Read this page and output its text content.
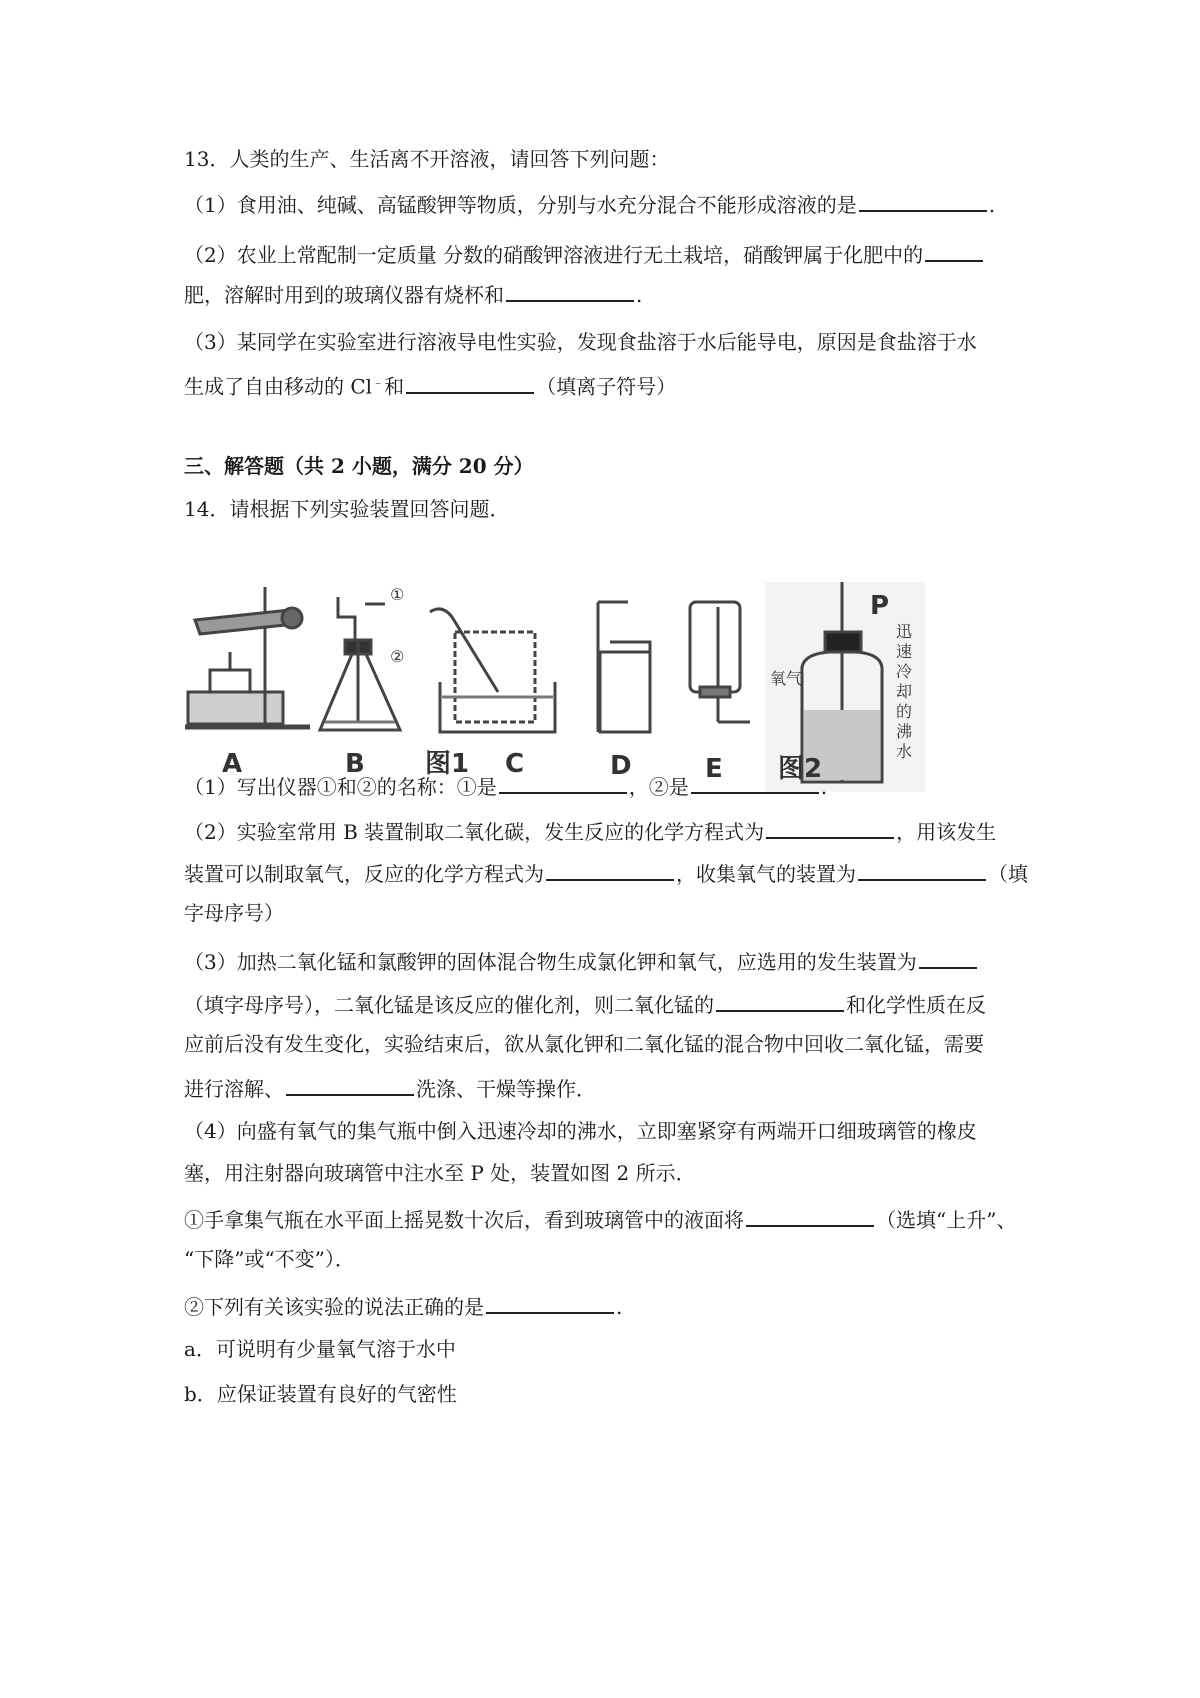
13．人类的生产、生活离不开溶液，请回答下列问题：
（1）食用油、纯碱、高锰酸钾等物质，分别与水充分混合不能形成溶液的是	.
（2）农业上常配制一定质量 分数的硝酸钾溶液进行无土栽培，硝酸钾属于化肥中的
肥，溶解时用到的玻璃仪器有烧杯和	.
（3）某同学在实验室进行溶液导电性实验，发现食盐溶于水后能导电，原因是食盐溶于水
生成了自由移动的 Cl﹣和	（填离子符号）
三、解答题（共 2 小题，满分 20 分）
14．请根据下列实验装置回答问题．
A
①
②
B 图1 C	D	E
P
氧气
迅
速
冷
却
的
沸
水
图2
（1）写出仪器①和②的名称：①是	，②是	.
（2）实验室常用 B 装置制取二氧化碳，发生反应的化学方程式为	，用该发生
装置可以制取氧气，反应的化学方程式为	，收集氧气的装置为	（填
字母序号）
（3）加热二氧化锰和氯酸钾的固体混合物生成氯化钾和氧气，应选用的发生装置为
（填字母序号），二氧化锰是该反应的催化剂，则二氧化锰的	和化学性质在反
应前后没有发生变化，实验结束后，欲从氯化钾和二氧化锰的混合物中回收二氧化锰，需要
进行溶解、	洗涤、干燥等操作．
（4）向盛有氧气的集气瓶中倒入迅速冷却的沸水，立即塞紧穿有两端开口细玻璃管的橡皮
塞，用注射器向玻璃管中注水至 P 处，装置如图 2 所示．
①手拿集气瓶在水平面上摇晃数十次后，看到玻璃管中的液面将	（选填“上升”、
“下降”或“不变”）．
②下列有关该实验的说法正确的是	.
a．可说明有少量氧气溶于水中
b．应保证装置有良好的气密性
